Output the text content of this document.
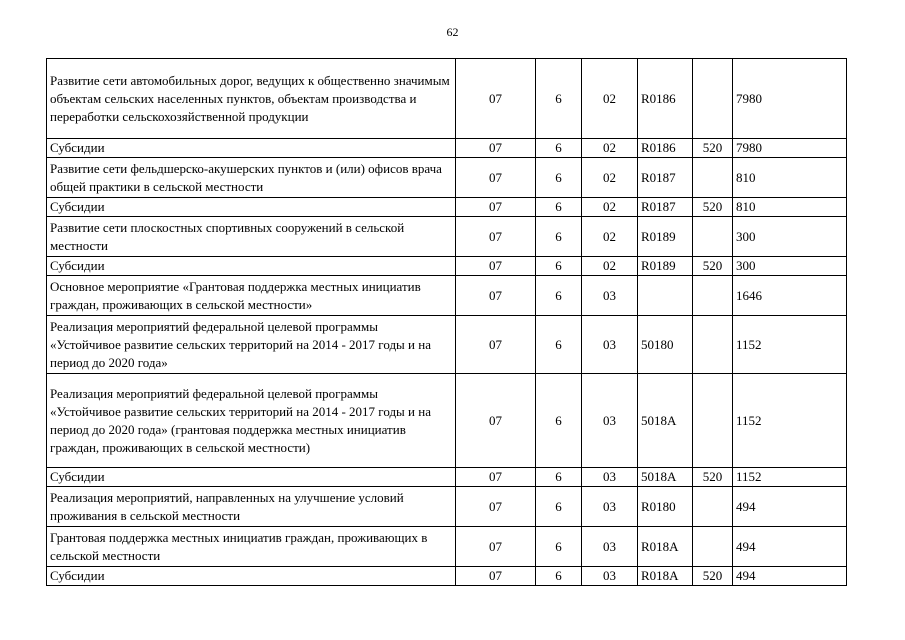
62
Развитие сети автомобильных дорог, ведущих к общественно значимым объектам сельских населенных пунктов, объектам производства и переработки сельскохозяйственной продукции	07	6	02	R0186		7980
Субсидии	07	6	02	R0186	520	7980
Развитие сети фельдшерско-акушерских пунктов и (или) офисов врача общей практики в сельской местности	07	6	02	R0187		810
Субсидии	07	6	02	R0187	520	810
Развитие сети плоскостных спортивных сооружений в сельской местности	07	6	02	R0189		300
Субсидии	07	6	02	R0189	520	300
Основное мероприятие «Грантовая поддержка местных инициатив граждан, проживающих в сельской местности»	07	6	03			1646
Реализация мероприятий федеральной целевой программы «Устойчивое развитие сельских территорий на 2014 - 2017 годы и на период до 2020 года»	07	6	03	50180		1152
Реализация мероприятий федеральной целевой программы «Устойчивое развитие сельских территорий на 2014 - 2017 годы и на период до 2020 года» (грантовая поддержка местных инициатив граждан, проживающих в сельской местности)	07	6	03	5018А		1152
Субсидии	07	6	03	5018А	520	1152
Реализация мероприятий, направленных на улучшение условий проживания в сельской местности	07	6	03	R0180		494
Грантовая поддержка местных инициатив граждан, проживающих в сельской местности	07	6	03	R018А		494
Субсидии	07	6	03	R018А	520	494
